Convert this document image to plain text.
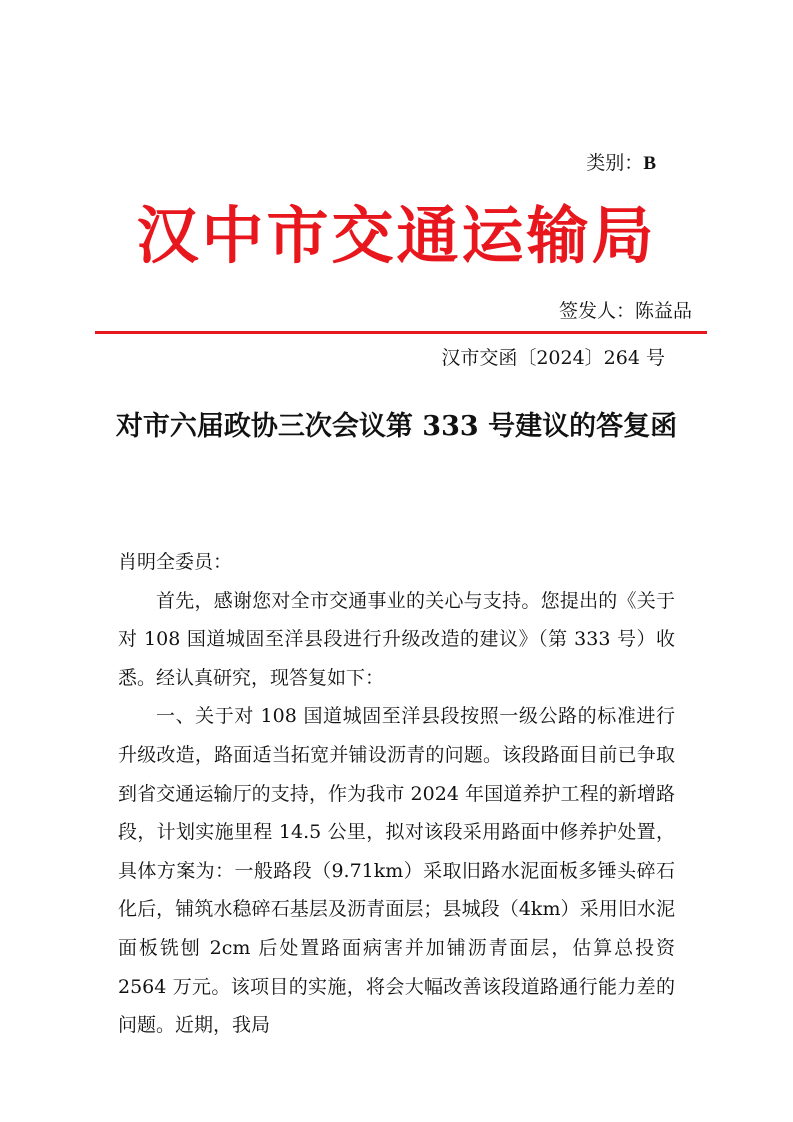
类别：B
汉中市交通运输局
签发人：陈益品
汉市交函〔2024〕264 号
对市六届政协三次会议第 333 号建议的答复函

肖明全委员：

首先，感谢您对全市交通事业的关心与支持。您提出的《关于对 108 国道城固至洋县段进行升级改造的建议》（第 333 号）收悉。经认真研究，现答复如下：

一、关于对 108 国道城固至洋县段按照一级公路的标准进行升级改造，路面适当拓宽并铺设沥青的问题。该段路面目前已争取到省交通运输厅的支持，作为我市 2024 年国道养护工程的新增路段，计划实施里程 14.5 公里，拟对该段采用路面中修养护处置，具体方案为：一般路段（9.71km）采取旧路水泥面板多锤头碎石化后，铺筑水稳碎石基层及沥青面层；县城段（4km）采用旧水泥面板铣刨 2cm 后处置路面病害并加铺沥青面层，估算总投资 2564 万元。该项目的实施，将会大幅改善该段道路通行能力差的问题。近期，我局
